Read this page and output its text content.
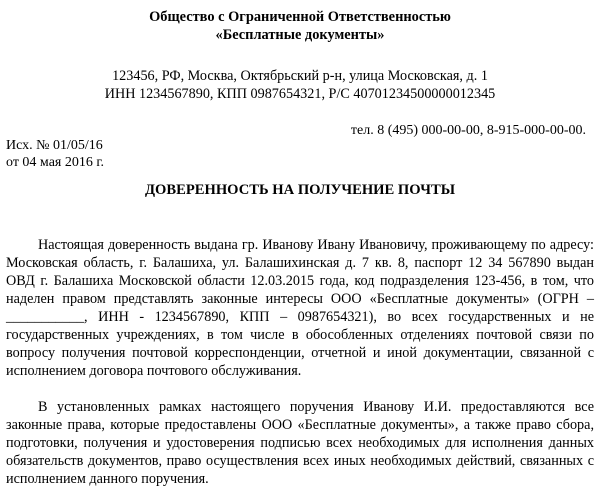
Общество с Ограниченной Ответственностью
«Бесплатные документы»
123456, РФ, Москва, Октябрьский р-н, улица Московская, д. 1
ИНН 1234567890, КПП 0987654321, Р/С 40701234500000012345
тел. 8 (495) 000-00-00, 8-915-000-00-00.
Исх. № 01/05/16
от 04 мая 2016 г.
ДОВЕРЕННОСТЬ НА ПОЛУЧЕНИЕ ПОЧТЫ

Настоящая доверенность выдана гр. Иванову Ивану Ивановичу, проживающему по адресу: Московская область, г. Балашиха, ул. Балашихинская д. 7 кв. 8, паспорт 12 34 567890 выдан ОВД г. Балашиха Московской области 12.03.2015 года, код подразделения 123-456, в том, что наделен правом представлять законные интересы ООО «Бесплатные документы» (ОГРН – ___________, ИНН - 1234567890, КПП – 0987654321), во всех государственных и не государственных учреждениях, в том числе в обособленных отделениях почтовой связи по вопросу получения почтовой корреспонденции, отчетной и иной документации, связанной с исполнением договора почтового обслуживания.

В установленных рамках настоящего поручения Иванову И.И. предоставляются все законные права, которые предоставлены ООО «Бесплатные документы», а также право сбора, подготовки, получения и удостоверения подписью всех необходимых для исполнения данных обязательств документов, право осуществления всех иных необходимых действий, связанных с исполнением данного поручения.
